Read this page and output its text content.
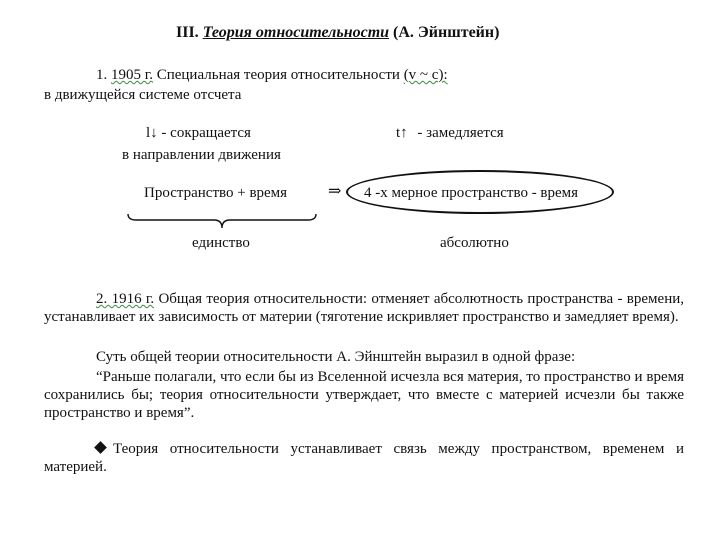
III. Теория относительности (А. Эйнштейн)
1. 1905 г. Специальная теория относительности (v ~ c):
в движущейся системе отсчета
l↓ - сокращается
в направлении движения
t↑ - замедляется
Пространство + время	⇒ 4 -х мерное пространство - время
единство	абсолютно
2. 1916 г. Общая теория относительности: отменяет абсолютность пространства - времени, устанавливает их зависимость от материи (тяготение искривляет пространство и замедляет время).
Суть общей теории относительности А. Эйнштейн выразил в одной фразе:
“Раньше полагали, что если бы из Вселенной исчезла вся материя, то пространство и время сохранились бы; теория относительности утверждает, что вместе с материей исчезли бы также пространство и время”.
Теория относительности устанавливает связь между пространством, временем и материей.
